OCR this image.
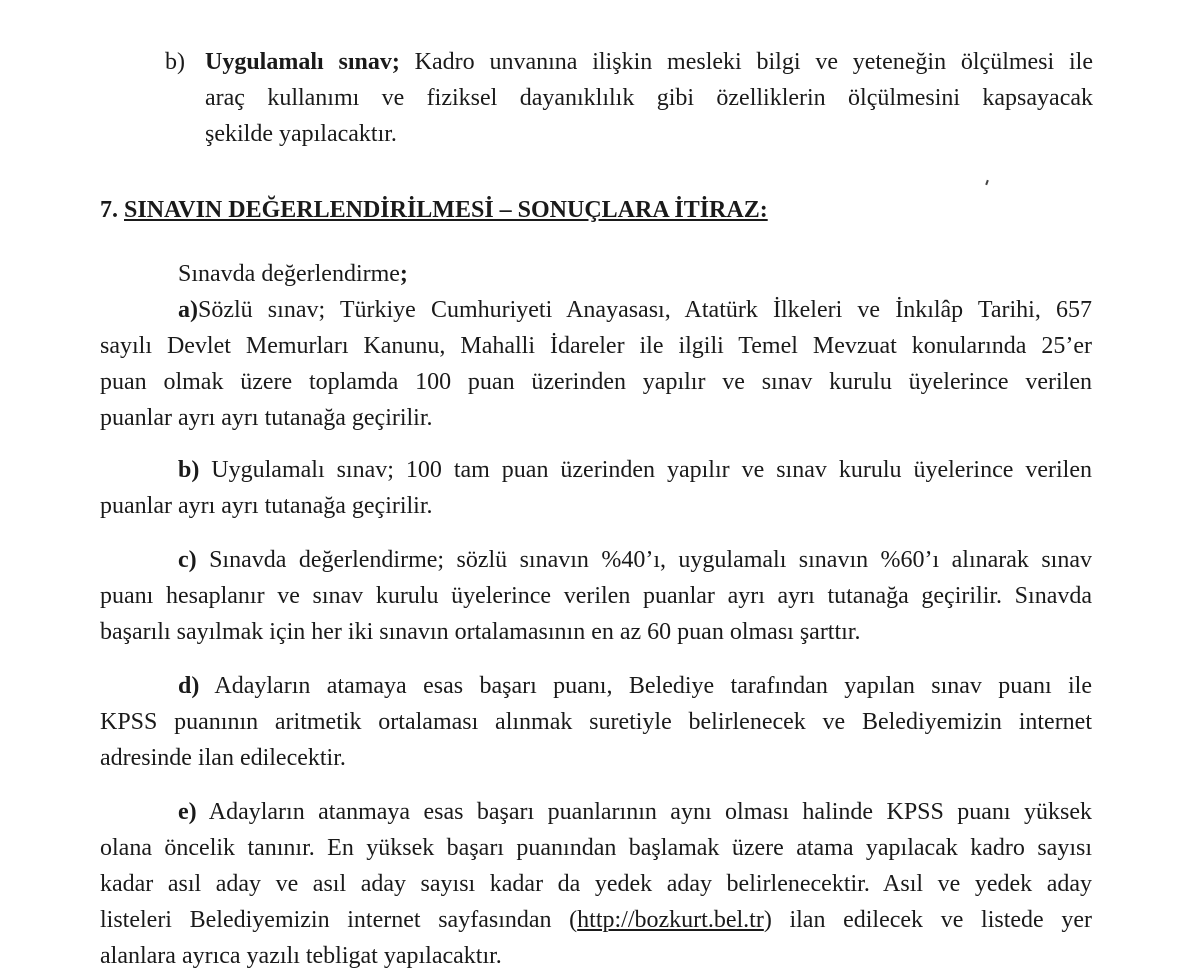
b) Uygulamalı sınav; Kadro unvanına ilişkin mesleki bilgi ve yeteneğin ölçülmesi ile
araç kullanımı ve fiziksel dayanıklılık gibi özelliklerin ölçülmesini kapsayacak
şekilde yapılacaktır.
7. SINAVIN DEĞERLENDİRİLMESİ – SONUÇLARA İTİRAZ:
Sınavda değerlendirme;
a)Sözlü sınav; Türkiye Cumhuriyeti Anayasası, Atatürk İlkeleri ve İnkılâp Tarihi, 657
sayılı Devlet Memurları Kanunu, Mahalli İdareler ile ilgili Temel Mevzuat konularında 25’er
puan olmak üzere toplamda 100 puan üzerinden yapılır ve sınav kurulu üyelerince verilen
puanlar ayrı ayrı tutanağa geçirilir.
b) Uygulamalı sınav; 100 tam puan üzerinden yapılır ve sınav kurulu üyelerince verilen
puanlar ayrı ayrı tutanağa geçirilir.
c) Sınavda değerlendirme; sözlü sınavın %40’ı, uygulamalı sınavın %60’ı alınarak sınav
puanı hesaplanır ve sınav kurulu üyelerince verilen puanlar ayrı ayrı tutanağa geçirilir. Sınavda
başarılı sayılmak için her iki sınavın ortalamasının en az 60 puan olması şarttır.
d) Adayların atamaya esas başarı puanı, Belediye tarafından yapılan sınav puanı ile
KPSS puanının aritmetik ortalaması alınmak suretiyle belirlenecek ve Belediyemizin internet
adresinde ilan edilecektir.
e) Adayların atanmaya esas başarı puanlarının aynı olması halinde KPSS puanı yüksek
olana öncelik tanınır. En yüksek başarı puanından başlamak üzere atama yapılacak kadro sayısı
kadar asıl aday ve asıl aday sayısı kadar da yedek aday belirlenecektir. Asıl ve yedek aday
listeleri Belediyemizin internet sayfasından (http://bozkurt.bel.tr) ilan edilecek ve listede yer
alanlara ayrıca yazılı tebligat yapılacaktır.
